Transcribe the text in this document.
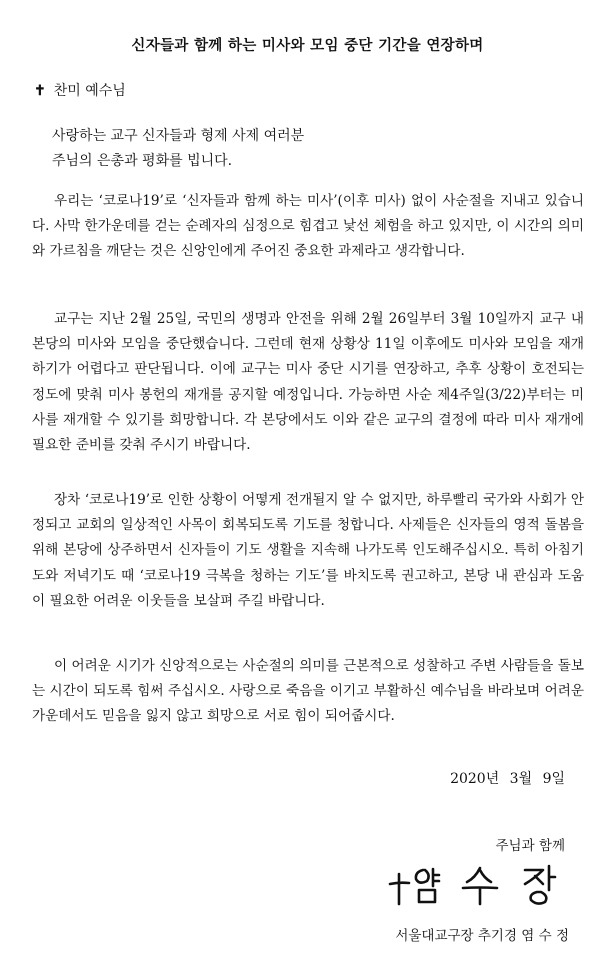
신자들과 함께 하는 미사와 모임 중단 기간을 연장하며
✝ 찬미 예수님
사랑하는 교구 신자들과 형제 사제 여러분
주님의 은총과 평화를 빕니다.

우리는 ‘코로나19’로 ‘신자들과 함께 하는 미사’(이후 미사) 없이 사순절을 지내고 있습니다. 사막 한가운데를 걷는 순례자의 심정으로 힘겹고 낯선 체험을 하고 있지만, 이 시간의 의미와 가르침을 깨닫는 것은 신앙인에게 주어진 중요한 과제라고 생각합니다.

교구는 지난 2월 25일, 국민의 생명과 안전을 위해 2월 26일부터 3월 10일까지 교구 내 본당의 미사와 모임을 중단했습니다. 그런데 현재 상황상 11일 이후에도 미사와 모임을 재개하기가 어렵다고 판단됩니다. 이에 교구는 미사 중단 시기를 연장하고, 추후 상황이 호전되는 정도에 맞춰 미사 봉헌의 재개를 공지할 예정입니다. 가능하면 사순 제4주일(3/22)부터는 미사를 재개할 수 있기를 희망합니다. 각 본당에서도 이와 같은 교구의 결정에 따라 미사 재개에 필요한 준비를 갖춰 주시기 바랍니다.

장차 ‘코로나19’로 인한 상황이 어떻게 전개될지 알 수 없지만, 하루빨리 국가와 사회가 안정되고 교회의 일상적인 사목이 회복되도록 기도를 청합니다. 사제들은 신자들의 영적 돌봄을 위해 본당에 상주하면서 신자들이 기도 생활을 지속해 나가도록 인도해주십시오. 특히 아침기도와 저녁기도 때 ‘코로나19 극복을 청하는 기도’를 바치도록 권고하고, 본당 내 관심과 도움이 필요한 어려운 이웃들을 보살펴 주길 바랍니다.

이 어려운 시기가 신앙적으로는 사순절의 의미를 근본적으로 성찰하고 주변 사람들을 돌보는 시간이 되도록 힘써 주십시오. 사랑으로 죽음을 이기고 부활하신 예수님을 바라보며 어려운 가운데서도 믿음을 잃지 않고 희망으로 서로 힘이 되어줍시다.

2020년 3월 9일
주님과 함께
서울대교구장 추기경 염 수 정
